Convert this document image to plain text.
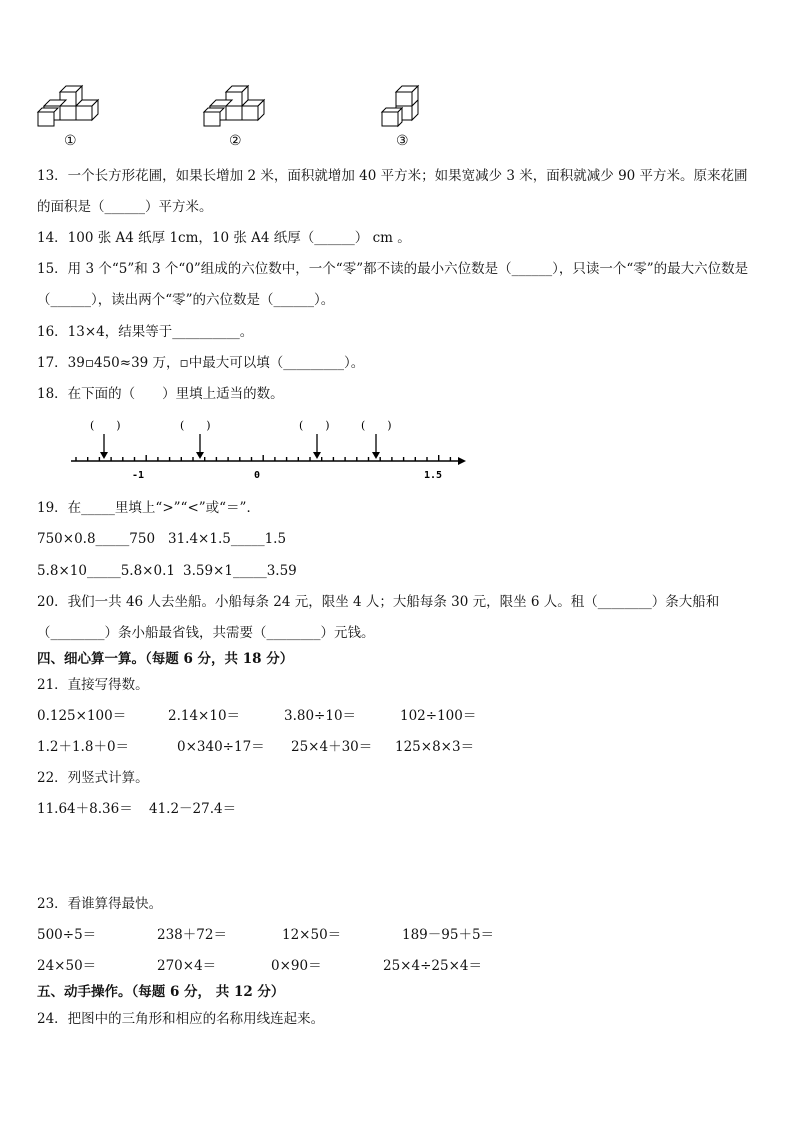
①	②	③
13．一个长方形花圃，如果长增加 2 米，面积就增加 40 平方米；如果宽减少 3 米，面积就减少 90 平方米。原来花圃
的面积是（______）平方米。
14．100 张 A4 纸厚 1cm，10 张 A4 纸厚（______） cm 。
15．用 3 个“5”和 3 个“0”组成的六位数中，一个“零”都不读的最小六位数是（______），只读一个“零”的最大六位数是
（______），读出两个“零”的六位数是（______）。
16．13×4，结果等于__________。
17．39▫450≈39 万，▫中最大可以填（_________）。
18．在下面的（　　）里填上适当的数。
(　　)	(　　)	(　　)	(　　)
-1	0	1.5
19．在_____里填上“>”“<”或“＝”．
750×0.8_____750 31.4×1.5_____1.5
5.8×10_____5.8×0.1 3.59×1_____3.59
20．我们一共 46 人去坐船。小船每条 24 元，限坐 4 人；大船每条 30 元，限坐 6 人。租（________）条大船和
（________）条小船最省钱，共需要（________）元钱。
四、细心算一算。（每题 6 分，共 18 分）
21．直接写得数。
0.125×100＝	2.14×10＝	3.80÷10＝	102÷100＝
1.2＋1.8＋0＝	0×340÷17＝ 25×4＋30＝ 125×8×3＝
22．列竖式计算。
11.64＋8.36＝ 41.2－27.4＝
23．看谁算得最快。
500÷5＝	238＋72＝	12×50＝	189－95＋5＝
24×50＝	270×4＝	0×90＝	25×4÷25×4＝
五、动手操作。（每题 6 分， 共 12 分）
24．把图中的三角形和相应的名称用线连起来。
